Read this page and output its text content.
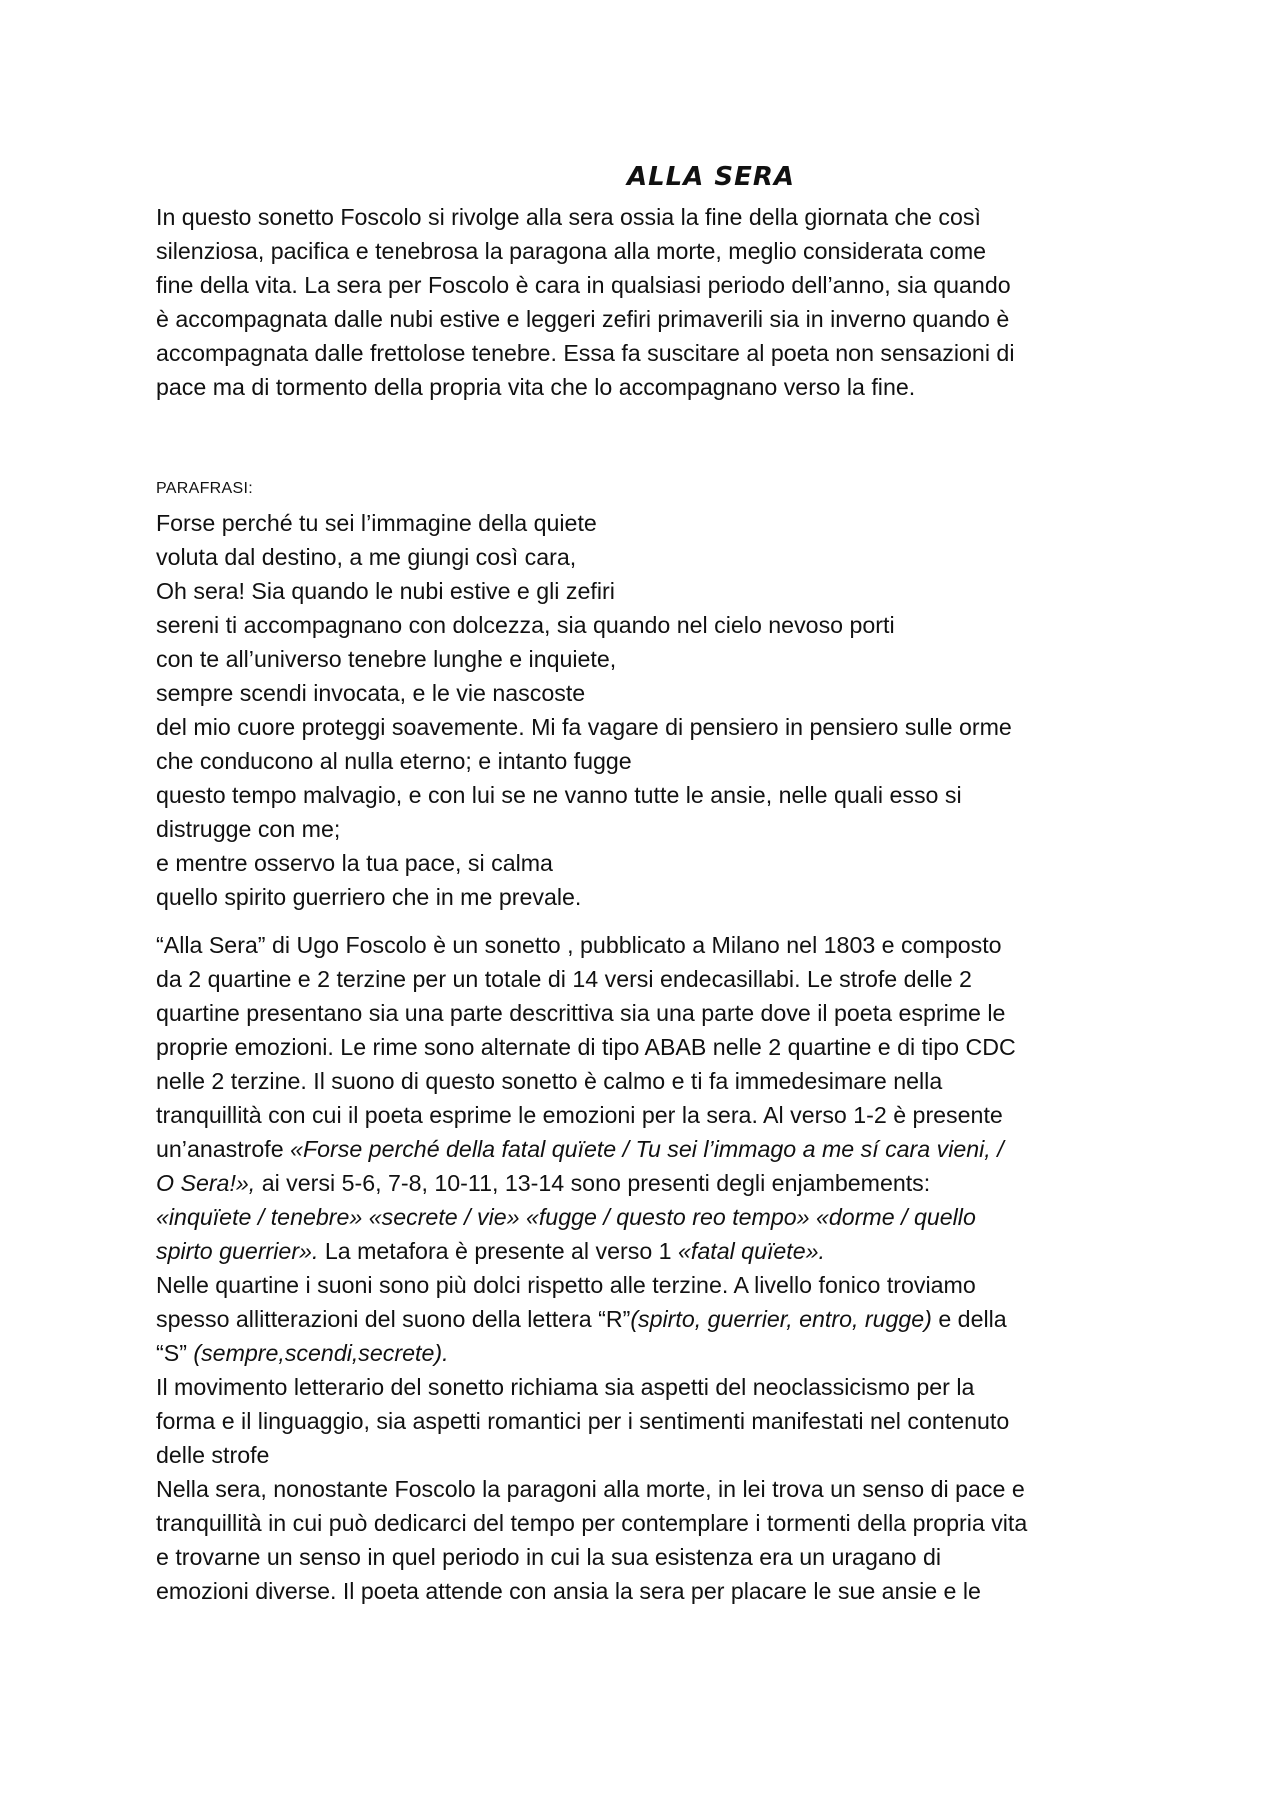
ALLA SERA
In questo sonetto Foscolo si rivolge alla sera ossia la fine della giornata che così
silenziosa, pacifica e tenebrosa la paragona alla morte, meglio considerata come
fine della vita. La sera per Foscolo è cara in qualsiasi periodo dell’anno, sia quando
è accompagnata dalle nubi estive e leggeri zefiri primaverili sia in inverno quando è
accompagnata dalle frettolose tenebre. Essa fa suscitare al poeta non sensazioni di
pace ma di tormento della propria vita che lo accompagnano verso la fine.
PARAFRASI:
Forse perché tu sei l’immagine della quiete
voluta dal destino, a me giungi così cara,
Oh sera! Sia quando le nubi estive e gli zefiri
sereni ti accompagnano con dolcezza, sia quando nel cielo nevoso porti
con te all’universo tenebre lunghe e inquiete,
sempre scendi invocata, e le vie nascoste
del mio cuore proteggi soavemente. Mi fa vagare di pensiero in pensiero sulle orme
che conducono al nulla eterno; e intanto fugge
questo tempo malvagio, e con lui se ne vanno tutte le ansie, nelle quali esso si
distrugge con me;
e mentre osservo la tua pace, si calma
quello spirito guerriero che in me prevale.
“Alla Sera” di Ugo Foscolo è un sonetto , pubblicato a Milano nel 1803 e composto
da 2 quartine e 2 terzine per un totale di 14 versi endecasillabi. Le strofe delle 2
quartine presentano sia una parte descrittiva sia una parte dove il poeta esprime le
proprie emozioni. Le rime sono alternate di tipo ABAB nelle 2 quartine e di tipo CDC
nelle 2 terzine. Il suono di questo sonetto è calmo e ti fa immedesimare nella
tranquillità con cui il poeta esprime le emozioni per la sera. Al verso 1-2 è presente
un’anastrofe «Forse perché della fatal quïete / Tu sei l’immago a me sí cara vieni, /
O Sera!», ai versi 5-6, 7-8, 10-11, 13-14 sono presenti degli enjambements:
«inquïete / tenebre» «secrete / vie» «fugge / questo reo tempo» «dorme / quello
spirto guerrier». La metafora è presente al verso 1 «fatal quïete».
Nelle quartine i suoni sono più dolci rispetto alle terzine. A livello fonico troviamo
spesso allitterazioni del suono della lettera “R”(spirto, guerrier, entro, rugge) e della
“S” (sempre,scendi,secrete).
Il movimento letterario del sonetto richiama sia aspetti del neoclassicismo per la
forma e il linguaggio, sia aspetti romantici per i sentimenti manifestati nel contenuto
delle strofe
Nella sera, nonostante Foscolo la paragoni alla morte, in lei trova un senso di pace e
tranquillità in cui può dedicarci del tempo per contemplare i tormenti della propria vita
e trovarne un senso in quel periodo in cui la sua esistenza era un uragano di
emozioni diverse. Il poeta attende con ansia la sera per placare le sue ansie e le
